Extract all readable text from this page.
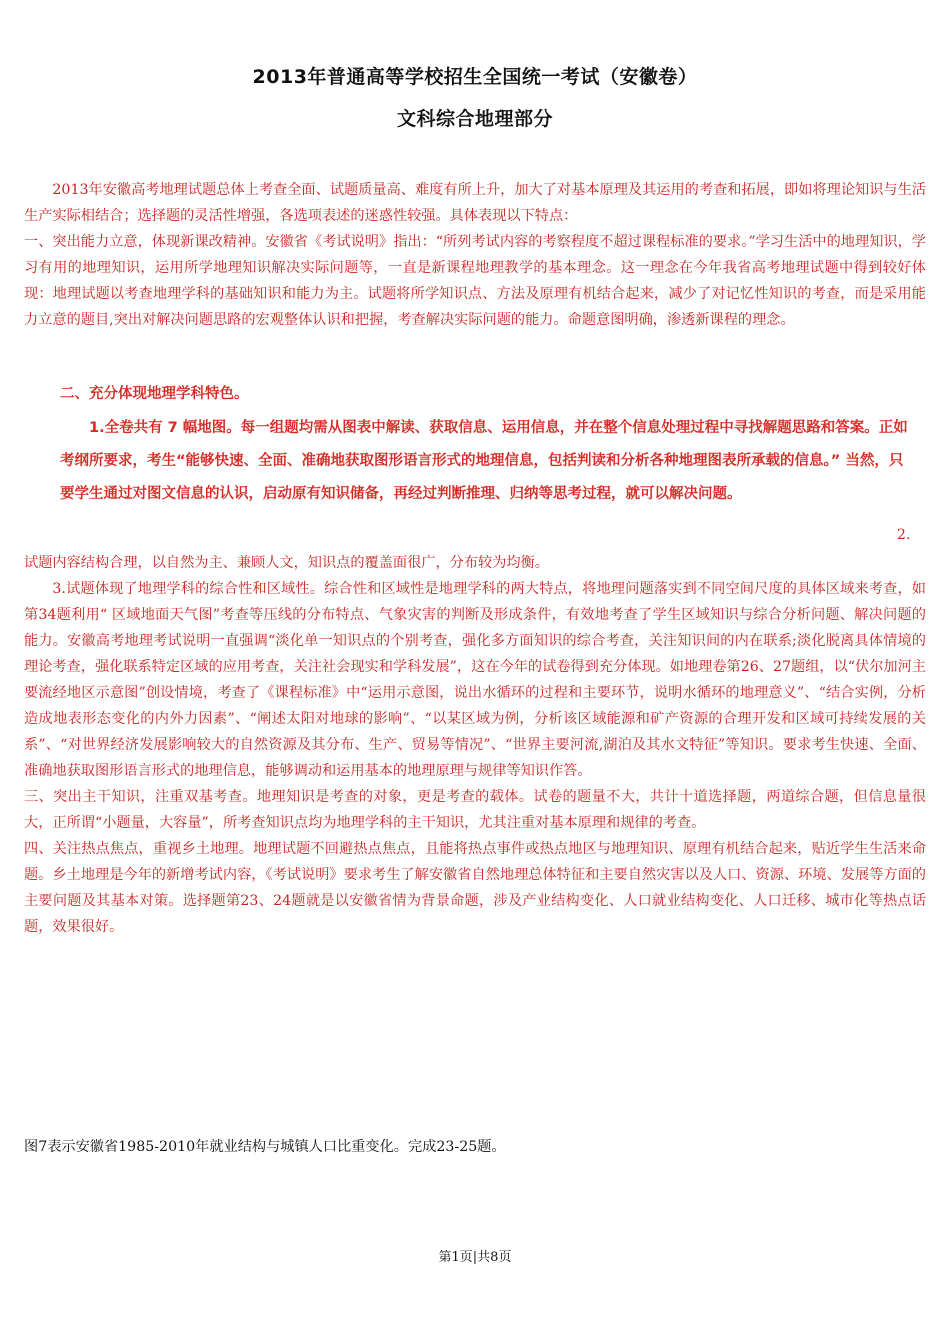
2013年普通高等学校招生全国统一考试（安徽卷）
文科综合地理部分

2013年安徽高考地理试题总体上考查全面、试题质量高、难度有所上升，加大了对基本原理及其运用的考查和拓展，即如将理论知识与生活生产实际相结合；选择题的灵活性增强，各选项表述的迷惑性较强。具体表现以下特点：

一、突出能力立意，体现新课改精神。安徽省《考试说明》指出：“所列考试内容的考察程度不超过课程标准的要求。”学习生活中的地理知识，学习有用的地理知识，运用所学地理知识解决实际问题等，一直是新课程地理教学的基本理念。这一理念在今年我省高考地理试题中得到较好体现：地理试题以考查地理学科的基础知识和能力为主。试题将所学知识点、方法及原理有机结合起来，减少了对记忆性知识的考查，而是采用能力立意的题目,突出对解决问题思路的宏观整体认识和把握，考查解决实际问题的能力。命题意图明确，渗透新课程的理念。

二、充分体现地理学科特色。

1.全卷共有 7 幅地图。每一组题均需从图表中解读、获取信息、运用信息，并在整个信息处理过程中寻找解题思路和答案。正如考纲所要求，考生“能够快速、全面、准确地获取图形语言形式的地理信息，包括判读和分析各种地理图表所承载的信息。” 当然，只要学生通过对图文信息的认识，启动原有知识储备，再经过判断推理、归纳等思考过程，就可以解决问题。

2.

试题内容结构合理，以自然为主、兼顾人文，知识点的覆盖面很广，分布较为均衡。

3.试题体现了地理学科的综合性和区域性。综合性和区域性是地理学科的两大特点，将地理问题落实到不同空间尺度的具体区域来考查，如第34题利用“ 区域地面天气图”考查等压线的分布特点、气象灾害的判断及形成条件，有效地考查了学生区域知识与综合分析问题、解决问题的能力。安徽高考地理考试说明一直强调“淡化单一知识点的个别考查，强化多方面知识的综合考查，关注知识间的内在联系;淡化脱离具体情境的理论考查，强化联系特定区域的应用考查，关注社会现实和学科发展”，这在今年的试卷得到充分体现。如地理卷第26、27题组，以“伏尔加河主要流经地区示意图”创设情境，考查了《课程标准》中“运用示意图，说出水循环的过程和主要环节，说明水循环的地理意义”、“结合实例，分析造成地表形态变化的内外力因素”、“阐述太阳对地球的影响”、“以某区域为例，分析该区域能源和矿产资源的合理开发和区域可持续发展的关系”、“对世界经济发展影响较大的自然资源及其分布、生产、贸易等情况”、“世界主要河流,湖泊及其水文特征”等知识。要求考生快速、全面、准确地获取图形语言形式的地理信息，能够调动和运用基本的地理原理与规律等知识作答。

三、突出主干知识，注重双基考查。地理知识是考查的对象，更是考查的载体。试卷的题量不大，共计十道选择题，两道综合题，但信息量很大，正所谓“小题量，大容量”，所考查知识点均为地理学科的主干知识，尤其注重对基本原理和规律的考查。

四、关注热点焦点，重视乡土地理。地理试题不回避热点焦点，且能将热点事件或热点地区与地理知识、原理有机结合起来，贴近学生生活来命题。乡土地理是今年的新增考试内容，《考试说明》要求考生了解安徽省自然地理总体特征和主要自然灾害以及人口、资源、环境、发展等方面的主要问题及其基本对策。选择题第23、24题就是以安徽省情为背景命题，涉及产业结构变化、人口就业结构变化、人口迁移、城市化等热点话题，效果很好。

图7表示安徽省1985-2010年就业结构与城镇人口比重变化。完成23-25题。
第1页|共8页
